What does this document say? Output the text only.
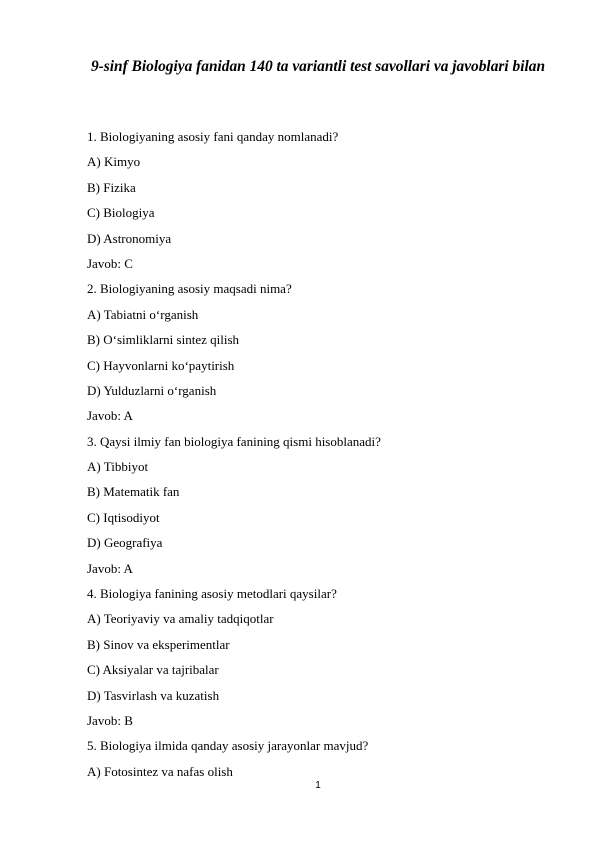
9-sinf Biologiya fanidan 140 ta variantli test savollari va javoblari bilan
1. Biologiyaning asosiy fani qanday nomlanadi?
A) Kimyo
B) Fizika
C) Biologiya
D) Astronomiya
Javob: C
2. Biologiyaning asosiy maqsadi nima?
A) Tabiatni o‘rganish
B) O‘simliklarni sintez qilish
C) Hayvonlarni ko‘paytirish
D) Yulduzlarni o‘rganish
Javob: A
3. Qaysi ilmiy fan biologiya fanining qismi hisoblanadi?
A) Tibbiyot
B) Matematik fan
C) Iqtisodiyot
D) Geografiya
Javob: A
4. Biologiya fanining asosiy metodlari qaysilar?
A) Teoriyaviy va amaliy tadqiqotlar
B) Sinov va eksperimentlar
C) Aksiyalar va tajribalar
D) Tasvirlash va kuzatish
Javob: B
5. Biologiya ilmida qanday asosiy jarayonlar mavjud?
A) Fotosintez va nafas olish
1
